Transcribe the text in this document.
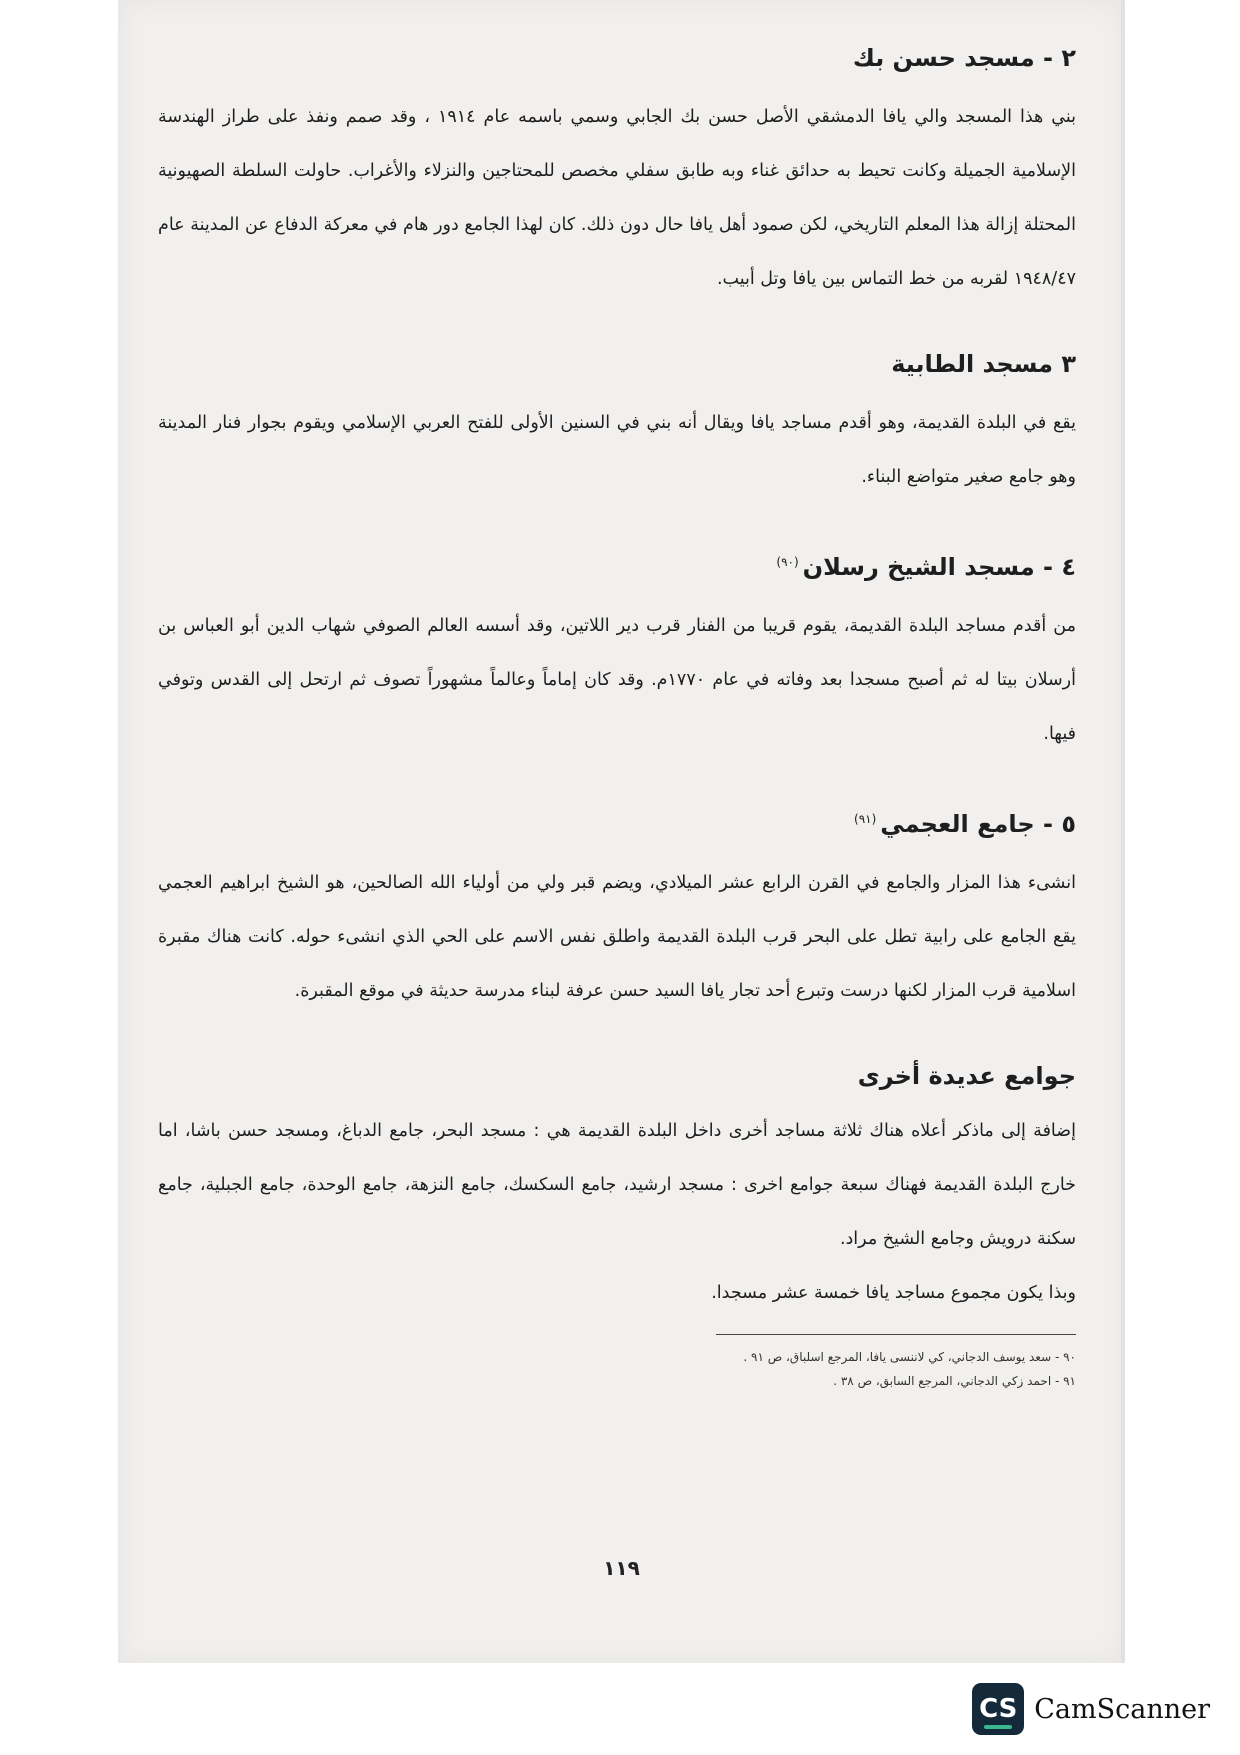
٢ - مسجد حسن بك

بني هذا المسجد والي يافا الدمشقي الأصل حسن بك الجابي وسمي باسمه عام ١٩١٤ ، وقد صمم ونفذ على طراز الهندسة الإسلامية الجميلة وكانت تحيط به حدائق غناء وبه طابق سفلي مخصص للمحتاجين والنزلاء والأغراب. حاولت السلطة الصهيونية المحتلة إزالة هذا المعلم التاريخي، لكن صمود أهل يافا حال دون ذلك. كان لهذا الجامع دور هام في معركة الدفاع عن المدينة عام ١٩٤٨/٤٧ لقربه من خط التماس بين يافا وتل أبيب.

٣ مسجد الطابية

يقع في البلدة القديمة، وهو أقدم مساجد يافا ويقال أنه بني في السنين الأولى للفتح العربي الإسلامي ويقوم بجوار فنار المدينة وهو جامع صغير متواضع البناء.

٤ - مسجد الشيخ رسلان$^{(٩٠)}$

من أقدم مساجد البلدة القديمة، يقوم قريبا من الفنار قرب دير اللاتين، وقد أسسه العالم الصوفي شهاب الدين أبو العباس بن أرسلان بيتا له ثم أصبح مسجدا بعد وفاته في عام ١٧٧٠م. وقد كان إماماً وعالماً مشهوراً تصوف ثم ارتحل إلى القدس وتوفي فيها.

٥ - جامع العجمي$^{(٩١)}$

انشىء هذا المزار والجامع في القرن الرابع عشر الميلادي، ويضم قبر ولي من أولياء الله الصالحين، هو الشيخ ابراهيم العجمي يقع الجامع على رابية تطل على البحر قرب البلدة القديمة واطلق نفس الاسم على الحي الذي انشىء حوله. كانت هناك مقبرة اسلامية قرب المزار لكنها درست وتبرع أحد تجار يافا السيد حسن عرفة لبناء مدرسة حديثة في موقع المقبرة.

جوامع عديدة أخرى

إضافة إلى ماذكر أعلاه هناك ثلاثة مساجد أخرى داخل البلدة القديمة هي : مسجد البحر، جامع الدباغ، ومسجد حسن باشا، اما خارج البلدة القديمة فهناك سبعة جوامع اخرى : مسجد ارشيد، جامع السكسك، جامع النزهة، جامع الوحدة، جامع الجبلية، جامع سكنة درويش وجامع الشيخ مراد.

وبذا يكون مجموع مساجد يافا خمسة عشر مسجدا.

٩٠ - سعد يوسف الدجاني، كي لاننسى يافا، المرجع اسلباق، ص ٩١ .
٩١ - احمد زكي الدجاني، المرجع السابق، ص ٣٨ .
١١٩
CS CamScanner
